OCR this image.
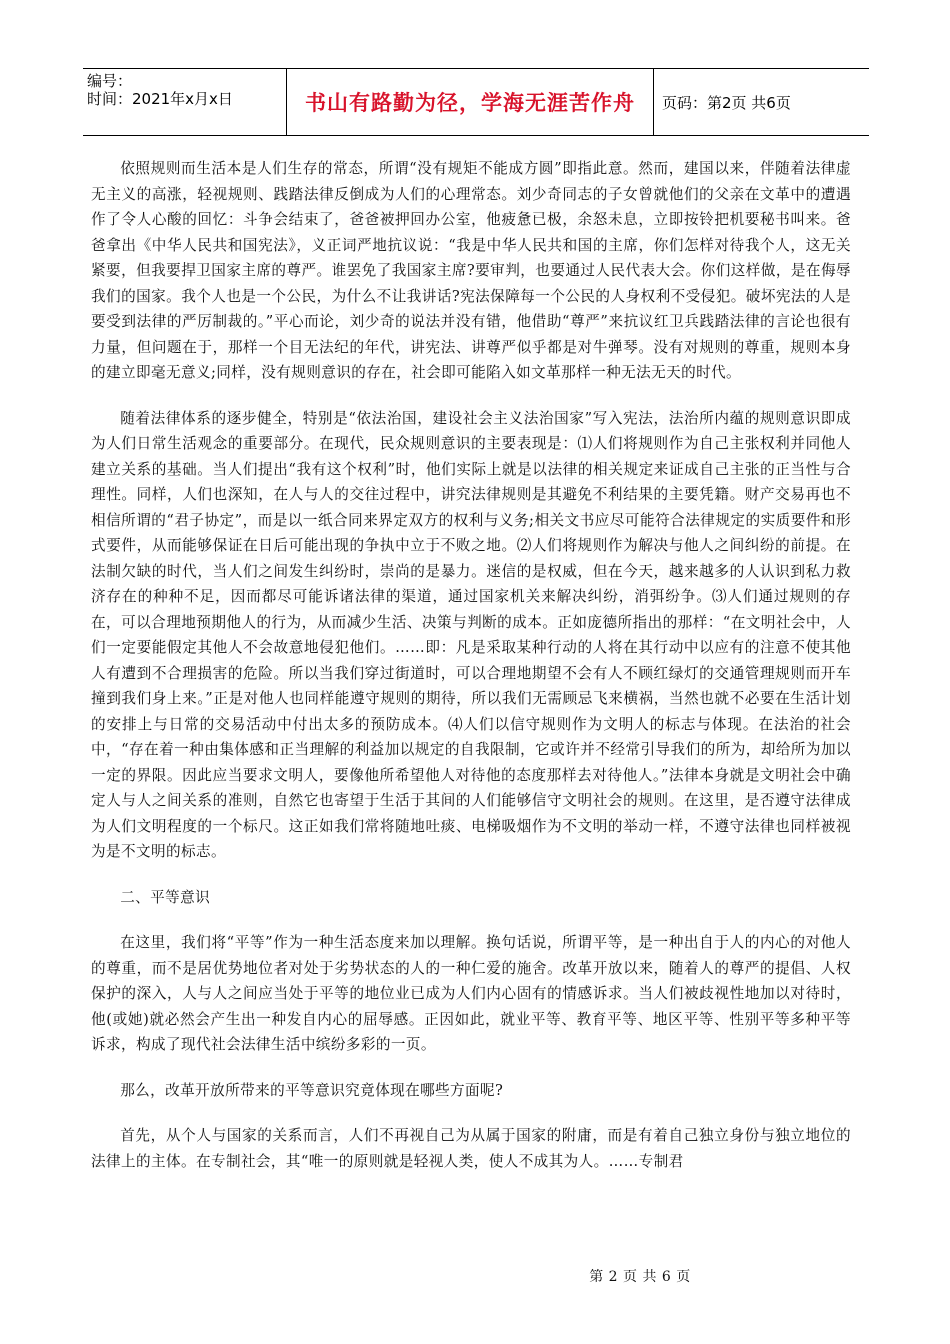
编号：
时间：2021年x月x日	书山有路勤为径，学海无涯苦作舟	页码：第2页 共6页

依照规则而生活本是人们生存的常态，所谓“没有规矩不能成方圆”即指此意。然而，建国以来，伴随着法律虚无主义的高涨，轻视规则、践踏法律反倒成为人们的心理常态。刘少奇同志的子女曾就他们的父亲在文革中的遭遇作了令人心酸的回忆：斗争会结束了，爸爸被押回办公室，他疲惫已极，余怒未息，立即按铃把机要秘书叫来。爸爸拿出《中华人民共和国宪法》，义正词严地抗议说：“我是中华人民共和国的主席，你们怎样对待我个人，这无关紧要，但我要捍卫国家主席的尊严。谁罢免了我国家主席?要审判，也要通过人民代表大会。你们这样做，是在侮辱我们的国家。我个人也是一个公民，为什么不让我讲话?宪法保障每一个公民的人身权利不受侵犯。破坏宪法的人是要受到法律的严厉制裁的。”平心而论，刘少奇的说法并没有错，他借助“尊严”来抗议红卫兵践踏法律的言论也很有力量，但问题在于，那样一个目无法纪的年代，讲宪法、讲尊严似乎都是对牛弹琴。没有对规则的尊重，规则本身的建立即毫无意义;同样，没有规则意识的存在，社会即可能陷入如文革那样一种无法无天的时代。

随着法律体系的逐步健全，特别是“依法治国，建设社会主义法治国家”写入宪法，法治所内蕴的规则意识即成为人们日常生活观念的重要部分。在现代，民众规则意识的主要表现是：⑴人们将规则作为自己主张权利并同他人建立关系的基础。当人们提出“我有这个权利”时，他们实际上就是以法律的相关规定来证成自己主张的正当性与合理性。同样，人们也深知，在人与人的交往过程中，讲究法律规则是其避免不利结果的主要凭籍。财产交易再也不相信所谓的“君子协定”，而是以一纸合同来界定双方的权利与义务;相关文书应尽可能符合法律规定的实质要件和形式要件，从而能够保证在日后可能出现的争执中立于不败之地。⑵人们将规则作为解决与他人之间纠纷的前提。在法制欠缺的时代，当人们之间发生纠纷时，崇尚的是暴力。迷信的是权威，但在今天，越来越多的人认识到私力救济存在的种种不足，因而都尽可能诉诸法律的渠道，通过国家机关来解决纠纷，消弭纷争。⑶人们通过规则的存在，可以合理地预期他人的行为，从而减少生活、决策与判断的成本。正如庞德所指出的那样：“在文明社会中，人们一定要能假定其他人不会故意地侵犯他们。……即：凡是采取某种行动的人将在其行动中以应有的注意不使其他人有遭到不合理损害的危险。所以当我们穿过街道时，可以合理地期望不会有人不顾红绿灯的交通管理规则而开车撞到我们身上来。”正是对他人也同样能遵守规则的期待，所以我们无需顾忌飞来横祸，当然也就不必要在生活计划的安排上与日常的交易活动中付出太多的预防成本。⑷人们以信守规则作为文明人的标志与体现。在法治的社会中，“存在着一种由集体感和正当理解的利益加以规定的自我限制，它或许并不经常引导我们的所为，却给所为加以一定的界限。因此应当要求文明人，要像他所希望他人对待他的态度那样去对待他人。”法律本身就是文明社会中确定人与人之间关系的准则，自然它也寄望于生活于其间的人们能够信守文明社会的规则。在这里，是否遵守法律成为人们文明程度的一个标尺。这正如我们常将随地吐痰、电梯吸烟作为不文明的举动一样，不遵守法律也同样被视为是不文明的标志。

二、平等意识

在这里，我们将“平等”作为一种生活态度来加以理解。换句话说，所谓平等，是一种出自于人的内心的对他人的尊重，而不是居优势地位者对处于劣势状态的人的一种仁爱的施舍。改革开放以来，随着人的尊严的提倡、人权保护的深入，人与人之间应当处于平等的地位业已成为人们内心固有的情感诉求。当人们被歧视性地加以对待时，他(或她)就必然会产生出一种发自内心的屈辱感。正因如此，就业平等、教育平等、地区平等、性别平等多种平等诉求，构成了现代社会法律生活中缤纷多彩的一页。

那么，改革开放所带来的平等意识究竟体现在哪些方面呢?

首先，从个人与国家的关系而言，人们不再视自己为从属于国家的附庸，而是有着自己独立身份与独立地位的法律上的主体。在专制社会，其“唯一的原则就是轻视人类，使人不成其为人。……专制君

第 2 页 共 6 页
